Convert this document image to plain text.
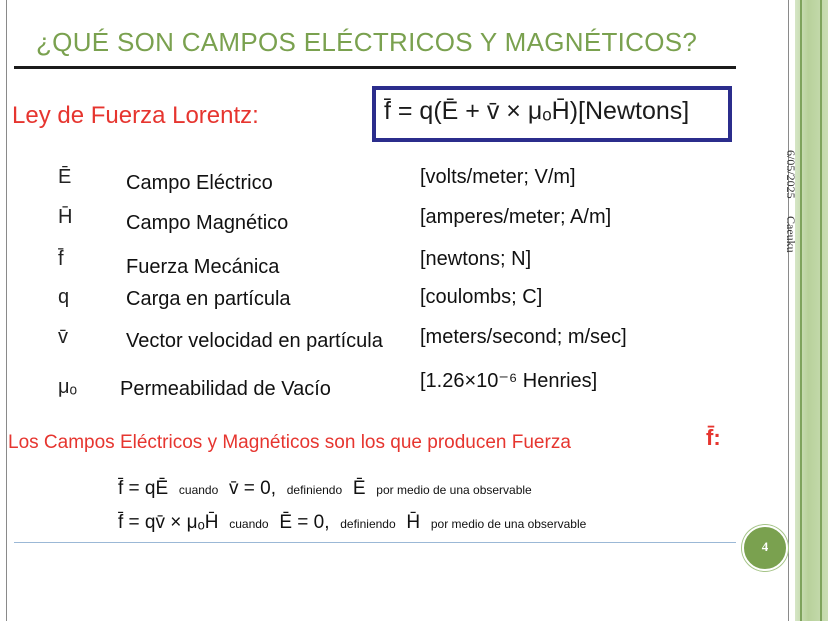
¿QUÉ SON CAMPOS ELÉCTRICOS Y MAGNÉTICOS?
Ley de Fuerza Lorentz:	f̄ = q(Ē + v̄ × μₒH̄)[Newtons]
Ē	Campo Eléctrico	[volts/meter; V/m]
H̄	Campo Magnético	[amperes/meter; A/m]
f̄	Fuerza Mecánica	[newtons; N]
q	Carga en partícula	[coulombs; C]
v̄	Vector velocidad en partícula [meters/second; m/sec]
μₒ Permeabilidad de Vacío	[1.26×10⁻⁶ Henries]
Los Campos Eléctricos y Magnéticos son los que producen Fuerza	f̄:
f̄ = qĒ cuando v̄ = 0, definiendo Ē por medio de una observable
f̄ = qv̄ × μₒH̄ cuando Ē = 0, definiendo H̄ por medio de una observable
4
6/05/2025
Caeuku
